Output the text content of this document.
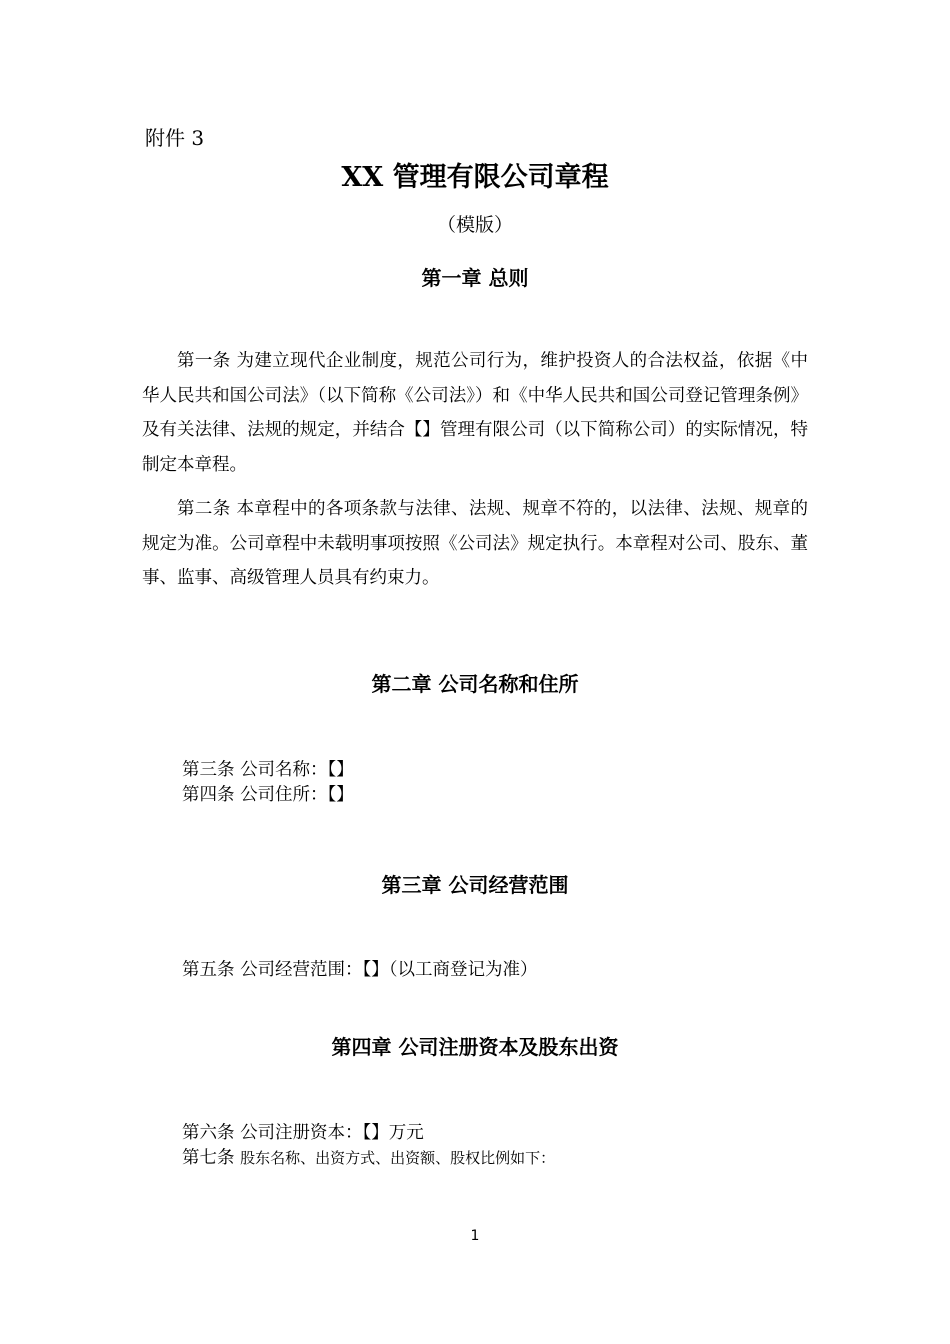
附件 3
XX 管理有限公司章程
（模版）
第一章 总则
第一条 为建立现代企业制度，规范公司行为，维护投资人的合法权益，依据《中华人民共和国公司法》（以下简称《公司法》）和《中华人民共和国公司登记管理条例》及有关法律、法规的规定，并结合【】管理有限公司（以下简称公司）的实际情况，特制定本章程。
第二条 本章程中的各项条款与法律、法规、规章不符的，以法律、法规、规章的规定为准。公司章程中未载明事项按照《公司法》规定执行。本章程对公司、股东、董事、监事、高级管理人员具有约束力。
第二章 公司名称和住所
第三条 公司名称：【】
第四条 公司住所：【】
第三章 公司经营范围
第五条 公司经营范围：【】（以工商登记为准）
第四章 公司注册资本及股东出资
第六条 公司注册资本：【】万元
第七条 股东名称、出资方式、出资额、股权比例如下：
1
